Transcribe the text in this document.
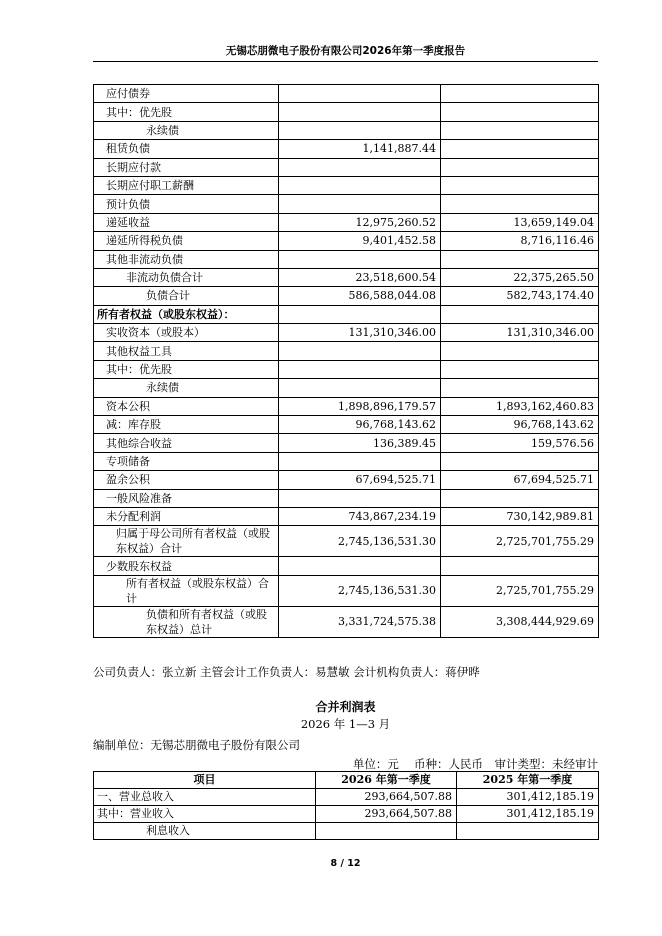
无锡芯朋微电子股份有限公司2026年第一季度报告
应付债券		
其中：优先股		
永续债		
租赁负债	1,141,887.44	
长期应付款		
长期应付职工薪酬		
预计负债		
递延收益	12,975,260.52	13,659,149.04
递延所得税负债	9,401,452.58	8,716,116.46
其他非流动负债		
非流动负债合计	23,518,600.54	22,375,265.50
负债合计	586,588,044.08	582,743,174.40
所有者权益（或股东权益）：		
实收资本（或股本）	131,310,346.00	131,310,346.00
其他权益工具		
其中：优先股		
永续债		
资本公积	1,898,896,179.57	1,893,162,460.83
减：库存股	96,768,143.62	96,768,143.62
其他综合收益	136,389.45	159,576.56
专项储备		
盈余公积	67,694,525.71	67,694,525.71
一般风险准备		
未分配利润	743,867,234.19	730,142,989.81
归属于母公司所有者权益（或股东权益）合计	2,745,136,531.30	2,725,701,755.29
少数股东权益		
所有者权益（或股东权益）合计	2,745,136,531.30	2,725,701,755.29
负债和所有者权益（或股东权益）总计	3,331,724,575.38	3,308,444,929.69
公司负责人：张立新 主管会计工作负责人：易慧敏 会计机构负责人：蒋伊晔
合并利润表
2026 年 1—3 月
编制单位：无锡芯朋微电子股份有限公司
单位：元　 币种：人民币　审计类型：未经审计
项目	2026 年第一季度	2025 年第一季度
一、营业总收入	293,664,507.88	301,412,185.19
其中：营业收入	293,664,507.88	301,412,185.19
利息收入		
8 / 12
